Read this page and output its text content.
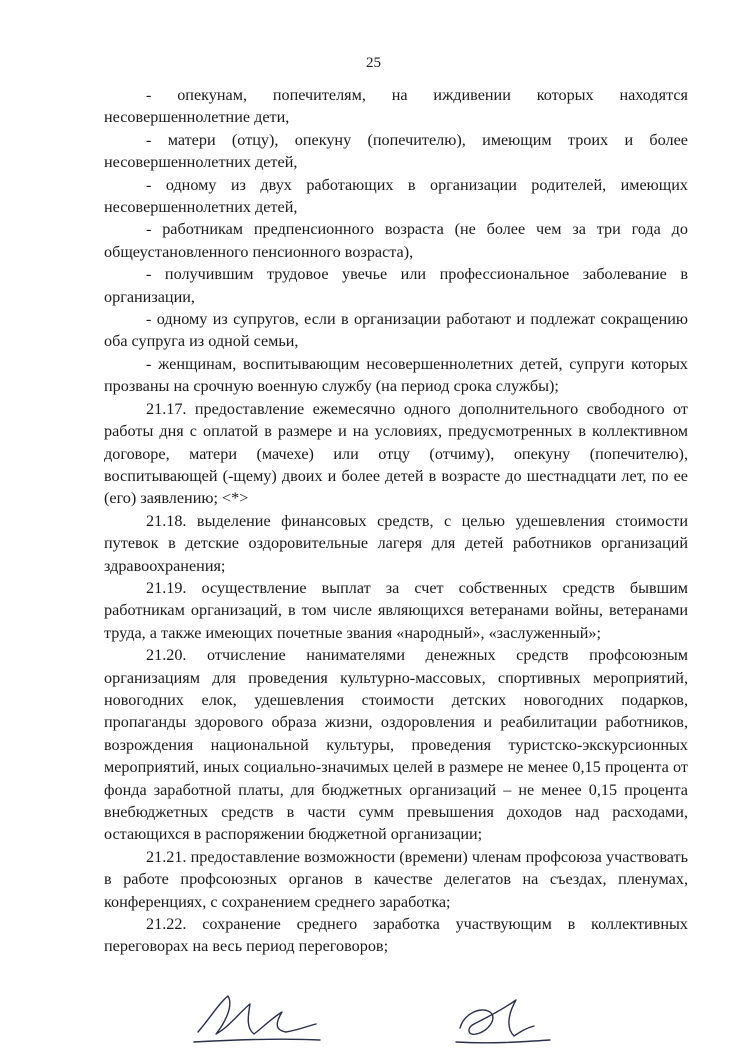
25

- опекунам, попечителям, на иждивении которых находятся несовершеннолетние дети,

- матери (отцу), опекуну (попечителю), имеющим троих и более несовершеннолетних детей,

- одному из двух работающих в организации родителей, имеющих несовершеннолетних детей,

- работникам предпенсионного возраста (не более чем за три года до общеустановленного пенсионного возраста),

- получившим трудовое увечье или профессиональное заболевание в организации,

- одному из супругов, если в организации работают и подлежат сокращению оба супруга из одной семьи,

- женщинам, воспитывающим несовершеннолетних детей, супруги которых прозваны на срочную военную службу (на период срока службы);

21.17. предоставление ежемесячно одного дополнительного свободного от работы дня с оплатой в размере и на условиях, предусмотренных в коллективном договоре, матери (мачехе) или отцу (отчиму), опекуну (попечителю), воспитывающей (-щему) двоих и более детей в возрасте до шестнадцати лет, по ее (его) заявлению; <*>

21.18. выделение финансовых средств, с целью удешевления стоимости путевок в детские оздоровительные лагеря для детей работников организаций здравоохранения;

21.19. осуществление выплат за счет собственных средств бывшим работникам организаций, в том числе являющихся ветеранами войны, ветеранами труда, а также имеющих почетные звания «народный», «заслуженный»;

21.20. отчисление нанимателями денежных средств профсоюзным организациям для проведения культурно-массовых, спортивных мероприятий, новогодних елок, удешевления стоимости детских новогодних подарков, пропаганды здорового образа жизни, оздоровления и реабилитации работников, возрождения национальной культуры, проведения туристско-экскурсионных мероприятий, иных социально-значимых целей в размере не менее 0,15 процента от фонда заработной платы, для бюджетных организаций – не менее 0,15 процента внебюджетных средств в части сумм превышения доходов над расходами, остающихся в распоряжении бюджетной организации;

21.21. предоставление возможности (времени) членам профсоюза участвовать в работе профсоюзных органов в качестве делегатов на съездах, пленумах, конференциях, с сохранением среднего заработка;

21.22. сохранение среднего заработка участвующим в коллективных переговорах на весь период переговоров;
